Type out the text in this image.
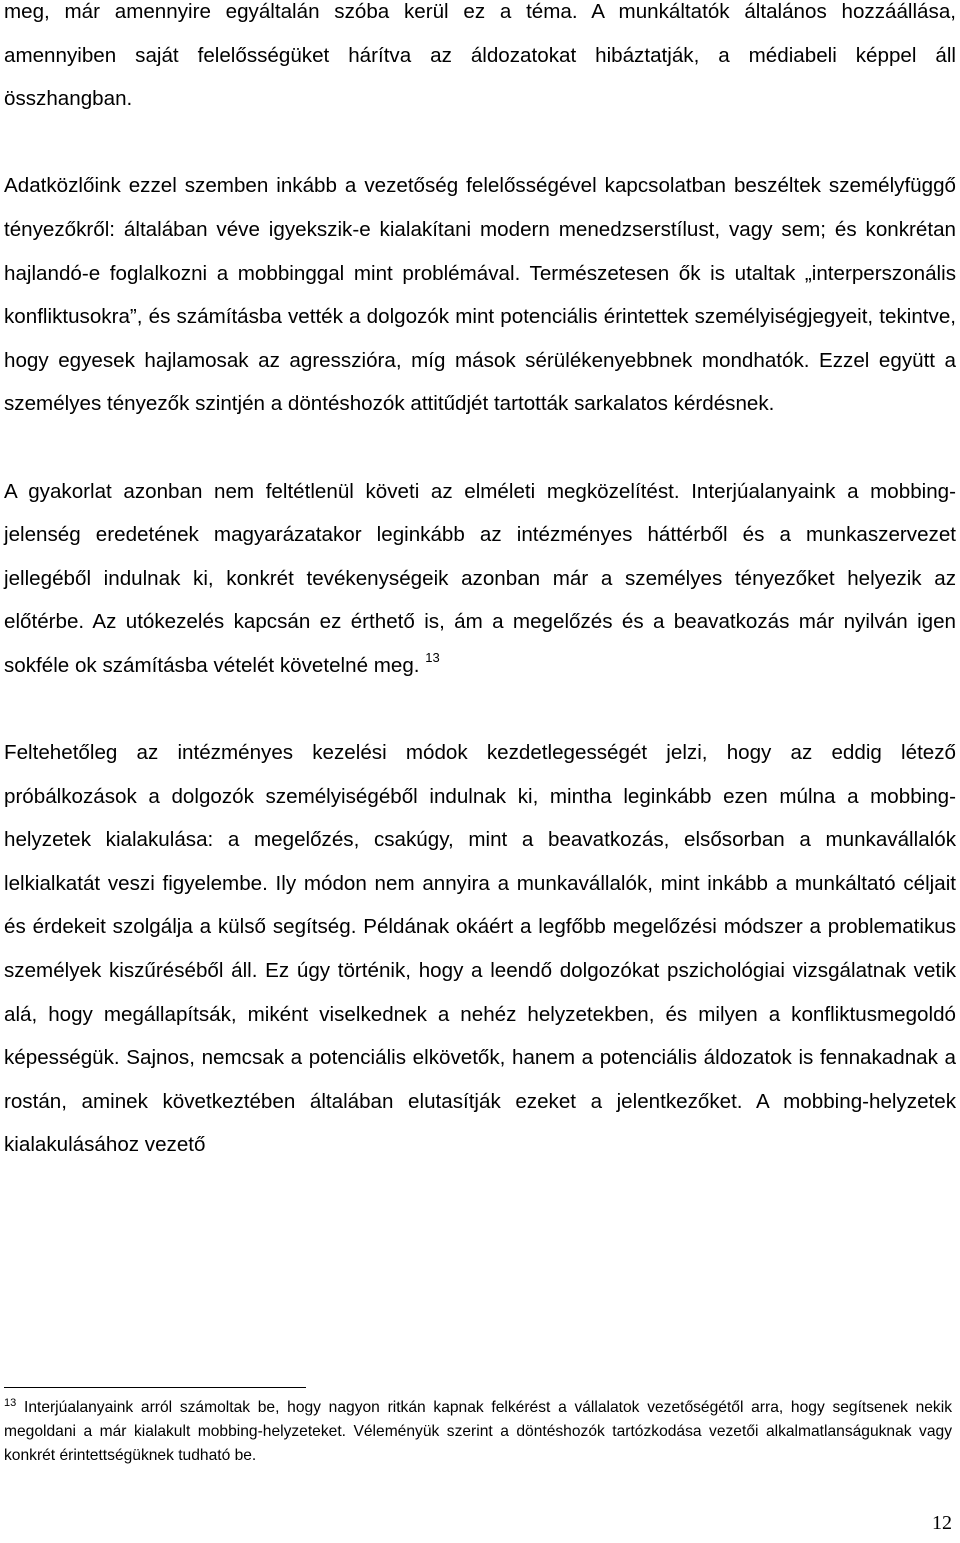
meg, már amennyire egyáltalán szóba kerül ez a téma. A munkáltatók általános hozzáállása, amennyiben saját felelősségüket hárítva az áldozatokat hibáztatják, a médiabeli képpel áll összhangban.

Adatközlőink ezzel szemben inkább a vezetőség felelősségével kapcsolatban beszéltek személyfüggő tényezőkről: általában véve igyekszik-e kialakítani modern menedzserstílust, vagy sem; és konkrétan hajlandó-e foglalkozni a mobbinggal mint problémával. Természetesen ők is utaltak „interperszonális konfliktusokra”, és számításba vették a dolgozók mint potenciális érintettek személyiségjegyeit, tekintve, hogy egyesek hajlamosak az agresszióra, míg mások sérülékenyebbnek mondhatók. Ezzel együtt a személyes tényezők szintjén a döntéshozók attitűdjét tartották sarkalatos kérdésnek.

A gyakorlat azonban nem feltétlenül követi az elméleti megközelítést. Interjúalanyaink a mobbing-jelenség eredetének magyarázatakor leginkább az intézményes háttérből és a munkaszervezet jellegéből indulnak ki, konkrét tevékenységeik azonban már a személyes tényezőket helyezik az előtérbe. Az utókezelés kapcsán ez érthető is, ám a megelőzés és a beavatkozás már nyilván igen sokféle ok számításba vételét követelné meg. $^{13}$

Feltehetőleg az intézményes kezelési módok kezdetlegességét jelzi, hogy az eddig létező próbálkozások a dolgozók személyiségéből indulnak ki, mintha leginkább ezen múlna a mobbing-helyzetek kialakulása: a megelőzés, csakúgy, mint a beavatkozás, elsősorban a munkavállalók lelkialkatát veszi figyelembe. Ily módon nem annyira a munkavállalók, mint inkább a munkáltató céljait és érdekeit szolgálja a külső segítség. Példának okáért a legfőbb megelőzési módszer a problematikus személyek kiszűréséből áll. Ez úgy történik, hogy a leendő dolgozókat pszichológiai vizsgálatnak vetik alá, hogy megállapítsák, miként viselkednek a nehéz helyzetekben, és milyen a konfliktusmegoldó képességük. Sajnos, nemcsak a potenciális elkövetők, hanem a potenciális áldozatok is fennakadnak a rostán, aminek következtében általában elutasítják ezeket a jelentkezőket. A mobbing-helyzetek kialakulásához vezető

$^{13}$ Interjúalanyaink arról számoltak be, hogy nagyon ritkán kapnak felkérést a vállalatok vezetőségétől arra, hogy segítsenek nekik megoldani a már kialakult mobbing-helyzeteket. Véleményük szerint a döntéshozók tartózkodása vezetői alkalmatlanságuknak vagy konkrét érintettségüknek tudható be.

12
